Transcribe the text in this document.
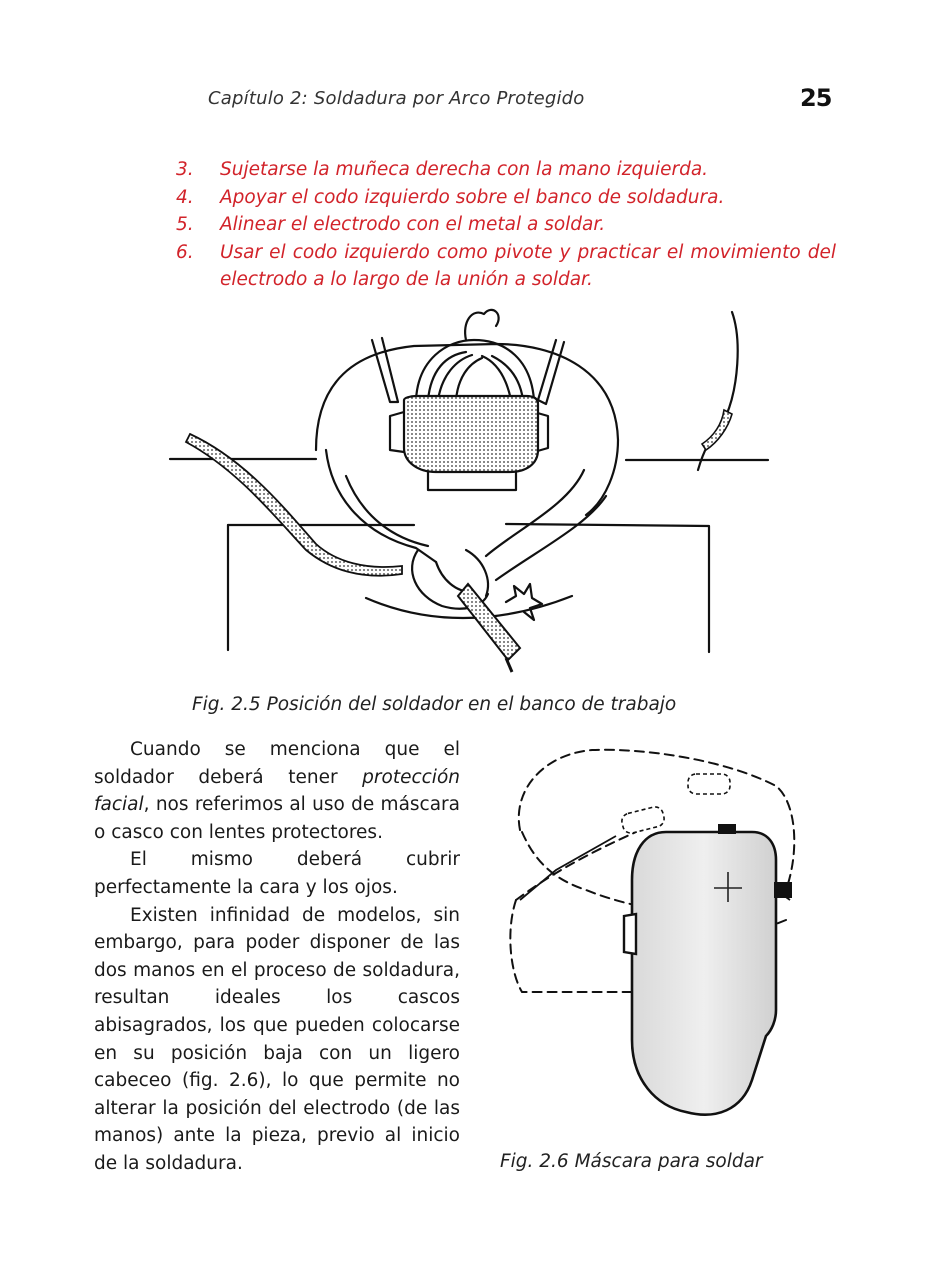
Capítulo 2: Soldadura por Arco Protegido	25
3.	Sujetarse la muñeca derecha con la mano izquierda.
4.	Apoyar el codo izquierdo sobre el banco de soldadura.
5.	Alinear el electrodo con el metal a soldar.
6.	Usar el codo izquierdo como pivote y practicar el movimiento del electrodo a lo largo de la unión a soldar.
Fig. 2.5 Posición del soldador en el banco de trabajo

Cuando se menciona que el soldador deberá tener protección facial, nos referimos al uso de máscara o casco con lentes protectores.

El mismo deberá cubrir perfectamente la cara y los ojos.

Existen infinidad de modelos, sin embargo, para poder disponer de las dos manos en el proceso de soldadura, resultan ideales los cascos abisagrados, los que pueden colocarse en su posición baja con un ligero cabeceo (fig. 2.6), lo que permite no alterar la posición del electrodo (de las manos) ante la pieza, previo al inicio de la soldadura.	Fig. 2.6 Máscara para soldar
